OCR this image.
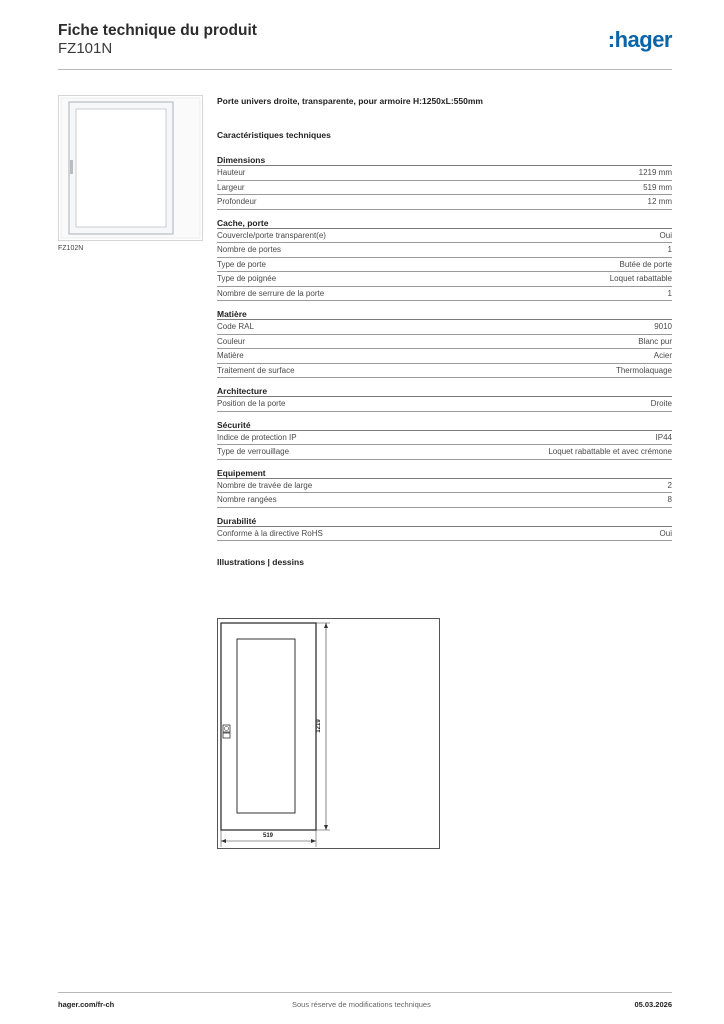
Fiche technique du produit
FZ101N	:hager
FZ102N
Porte univers droite, transparente, pour armoire H:1250xL:550mm
Caractéristiques techniques
Dimensions
Hauteur	1219 mm
Largeur	519 mm
Profondeur	12 mm
Cache, porte
Couvercle/porte transparent(e)	Oui
Nombre de portes	1
Type de porte	Butée de porte
Type de poignée	Loquet rabattable
Nombre de serrure de la porte	1
Matière
Code RAL	9010
Couleur	Blanc pur
Matière	Acier
Traitement de surface	Thermolaquage
Architecture
Position de la porte	Droite
Sécurité
Indice de protection IP	IP44
Type de verrouillage	Loquet rabattable et avec crémone
Equipement
Nombre de travée de large	2
Nombre rangées	8
Durabilité
Conforme à la directive RoHS	Oui
Illustrations | dessins
1219
519
hager.com/fr-ch	Sous réserve de modifications techniques	05.03.2026
